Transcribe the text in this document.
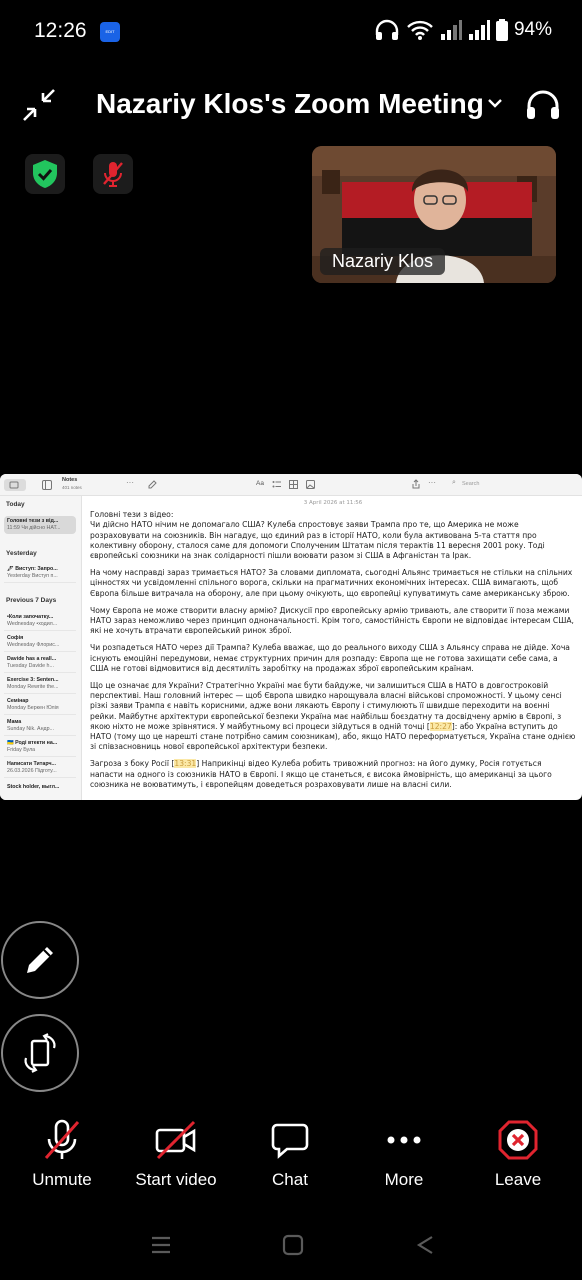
12:26	EDIT	94%
Nazariy Klos's Zoom Meeting
Nazariy Klos
Notes
401 notes
···	Aa	··· ⌕ Search
Today
Головні тези з від...
11:59 Чи дійсно НАТ...
Yesterday
🖊 Виступ: Запро...
Yesterday Виступ п...
Previous 7 Days
•Коли започатку...
Wednesday •ходил...
Софія
Wednesday Флорис...
Davide has a reall...
Tuesday Davide h...
Exercise 3: Senten...
Monday Rewrite the...
Семінар
Monday Беркен Юлія
Мама
Sunday Nik. Андр...
🇺🇦 Роді втекти на...
Friday Була
Написати Титарч...
26.03.2026 Підготу...
Stock holder, выгл...
3 April 2026 at 11:56

Головні тези з відео:
Чи дійсно НАТО нічим не допомагало США? Кулеба спростовує заяви Трампа про те, що Америка не може розраховувати на союзників. Він нагадує, що єдиний раз в історії НАТО, коли була активована 5-та стаття про колективну оборону, сталося саме для допомоги Сполученим Штатам після терактів 11 вересня 2001 року. Тоді європейські союзники на знак солідарності пішли воювати разом зі США в Афганістан та Ірак.

На чому насправді зараз тримається НАТО? За словами дипломата, сьогодні Альянс тримається не стільки на спільних цінностях чи усвідомленні спільного ворога, скільки на прагматичних економічних інтересах. США вимагають, щоб Європа більше витрачала на оборону, але при цьому очікують, що європейці купуватимуть саме американську зброю.

Чому Європа не може створити власну армію? Дискусії про європейську армію тривають, але створити її поза межами НАТО зараз неможливо через принцип одноначальності. Крім того, самостійність Європи не відповідає інтересам США, які не хочуть втрачати європейський ринок зброї.

Чи розпадеться НАТО через дії Трампа? Кулеба вважає, що до реального виходу США з Альянсу справа не дійде. Хоча існують емоційні передумови, немає структурних причин для розпаду: Європа ще не готова захищати себе сама, а США не готові відмовитися від десятиліть заробітку на продажах зброї європейським країнам.

Що це означає для України? Стратегічно Україні має бути байдуже, чи залишиться США в НАТО в довгостроковій перспективі. Наш головний інтерес — щоб Європа швидко нарощувала власні військові спроможності. У цьому сенсі різкі заяви Трампа є навіть корисними, адже вони лякають Європу і стимулюють її швидше переходити на воєнні рейки. Майбутнє архітектури європейської безпеки Україна має найбільш боєздатну та досвідчену армію в Європі, з якою ніхто не може зрівнятися. У майбутньому всі процеси зійдуться в одній точці [12:27]: або Україна вступить до НАТО (тому що це нарешті стане потрібно самим союзникам), або, якщо НАТО переформатується, Україна стане однією зі співзасновниць нової європейської архітектури безпеки.

Загроза з боку Росії [13:31] Наприкінці відео Кулеба робить тривожний прогноз: на його думку, Росія готується напасти на одного із союзників НАТО в Європі. І якщо це станеться, є висока ймовірність, що американці за цього союзника не воюватимуть, і європейцям доведеться розраховувати лише на власні сили.

Unmute	Start video	Chat	More	Leave
